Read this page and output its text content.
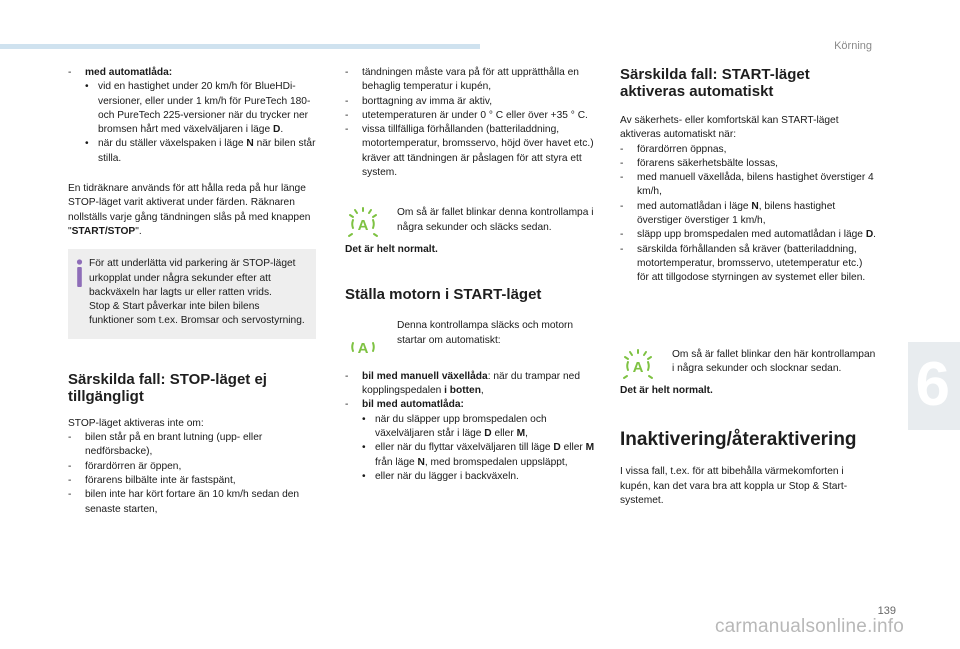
Körning
6
139
carmanualsonline.info

- med automatlåda:

• vid en hastighet under 20 km/h för BlueHDi-versioner, eller under 1 km/h för PureTech 180- och PureTech 225-versioner när du trycker ner bromsen hårt med växelväljaren i läge D.
• när du ställer växelspaken i läge N när bilen står stilla.

En tidräknare används för att hålla reda på hur länge STOP-läget varit aktiverat under färden. Räknaren nollställs varje gång tändningen slås på med knappen "START/STOP".

För att underlätta vid parkering är STOP-läget urkopplat under några sekunder efter att backväxeln har lagts ur eller ratten vrids.

Stop & Start påverkar inte bilen bilens funktioner som t.ex. Bromsar och servostyrning.

Särskilda fall: STOP-läget ej tillgängligt

STOP-läget aktiveras inte om:

- bilen står på en brant lutning (upp- eller nedförsbacke),
- förardörren är öppen,
- förarens bilbälte inte är fastspänt,
- bilen inte har kört fortare än 10 km/h sedan den senaste starten,
- tändningen måste vara på för att upprätthålla en behaglig temperatur i kupén,
- borttagning av imma är aktiv,
- utetemperaturen är under 0 ° C eller över +35 ° C.
- vissa tillfälliga förhållanden (batteriladdning, motortemperatur, bromsservo, höjd över havet etc.) kräver att tändningen är påslagen för att styra ett system.
A

Om så är fallet blinkar denna kontrollampa i några sekunder och släcks sedan.

Det är helt normalt.

Ställa motorn i START-läget
A

Denna kontrollampa släcks och motorn startar om automatiskt:

- bil med manuell växellåda: när du trampar ned kopplingspedalen i botten,
- bil med automatlåda:
• när du släpper upp bromspedalen och växelväljaren står i läge D eller M,
• eller när du flyttar växelväljaren till läge D eller M från läge N, med bromspedalen uppsläppt,
• eller när du lägger i backväxeln.
Särskilda fall: START-läget aktiveras automatiskt

Av säkerhets- eller komfortskäl kan START-läget aktiveras automatiskt när:

- förardörren öppnas,
- förarens säkerhetsbälte lossas,
- med manuell växellåda, bilens hastighet överstiger 4 km/h,
- med automatlådan i läge N, bilens hastighet överstiger överstiger 1 km/h,
- släpp upp bromspedalen med automatlådan i läge D.
- särskilda förhållanden så kräver (batteriladdning, motortemperatur, bromsservo, utetemperatur etc.) för att tillgodose styrningen av systemet eller bilen.
A

Om så är fallet blinkar den här kontrollampan i några sekunder och slocknar sedan.

Det är helt normalt.

Inaktivering/återaktivering

I vissa fall, t.ex. för att bibehålla värmekomforten i kupén, kan det vara bra att koppla ur Stop & Start-systemet.
